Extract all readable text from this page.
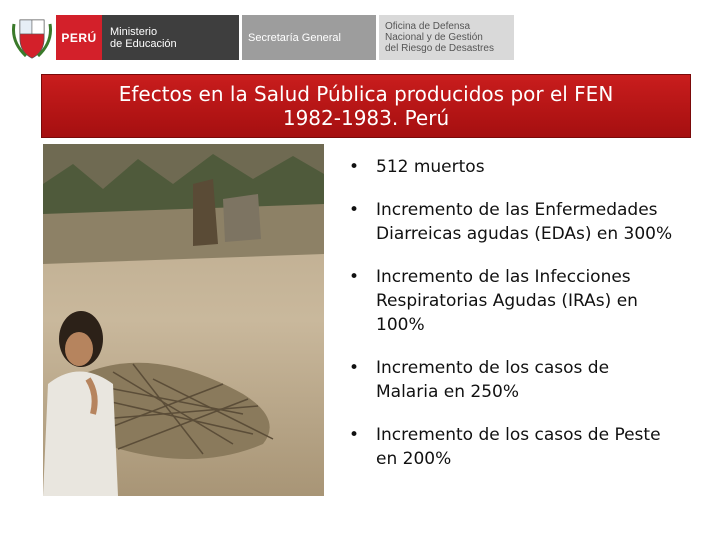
PERÚ Ministerio
de Educación	Secretaría General
Oficina de Defensa
Nacional y de Gestión
del Riesgo de Desastres
Efectos en la Salud Pública producidos por el FEN
1982-1983. Perú
• 512 muertos
• Incremento de las Enfermedades Diarreicas agudas (EDAs) en 300%
• Incremento de las Infecciones Respiratorias Agudas (IRAs) en 100%
• Incremento de los casos de Malaria en 250%
• Incremento de los casos de Peste en 200%
